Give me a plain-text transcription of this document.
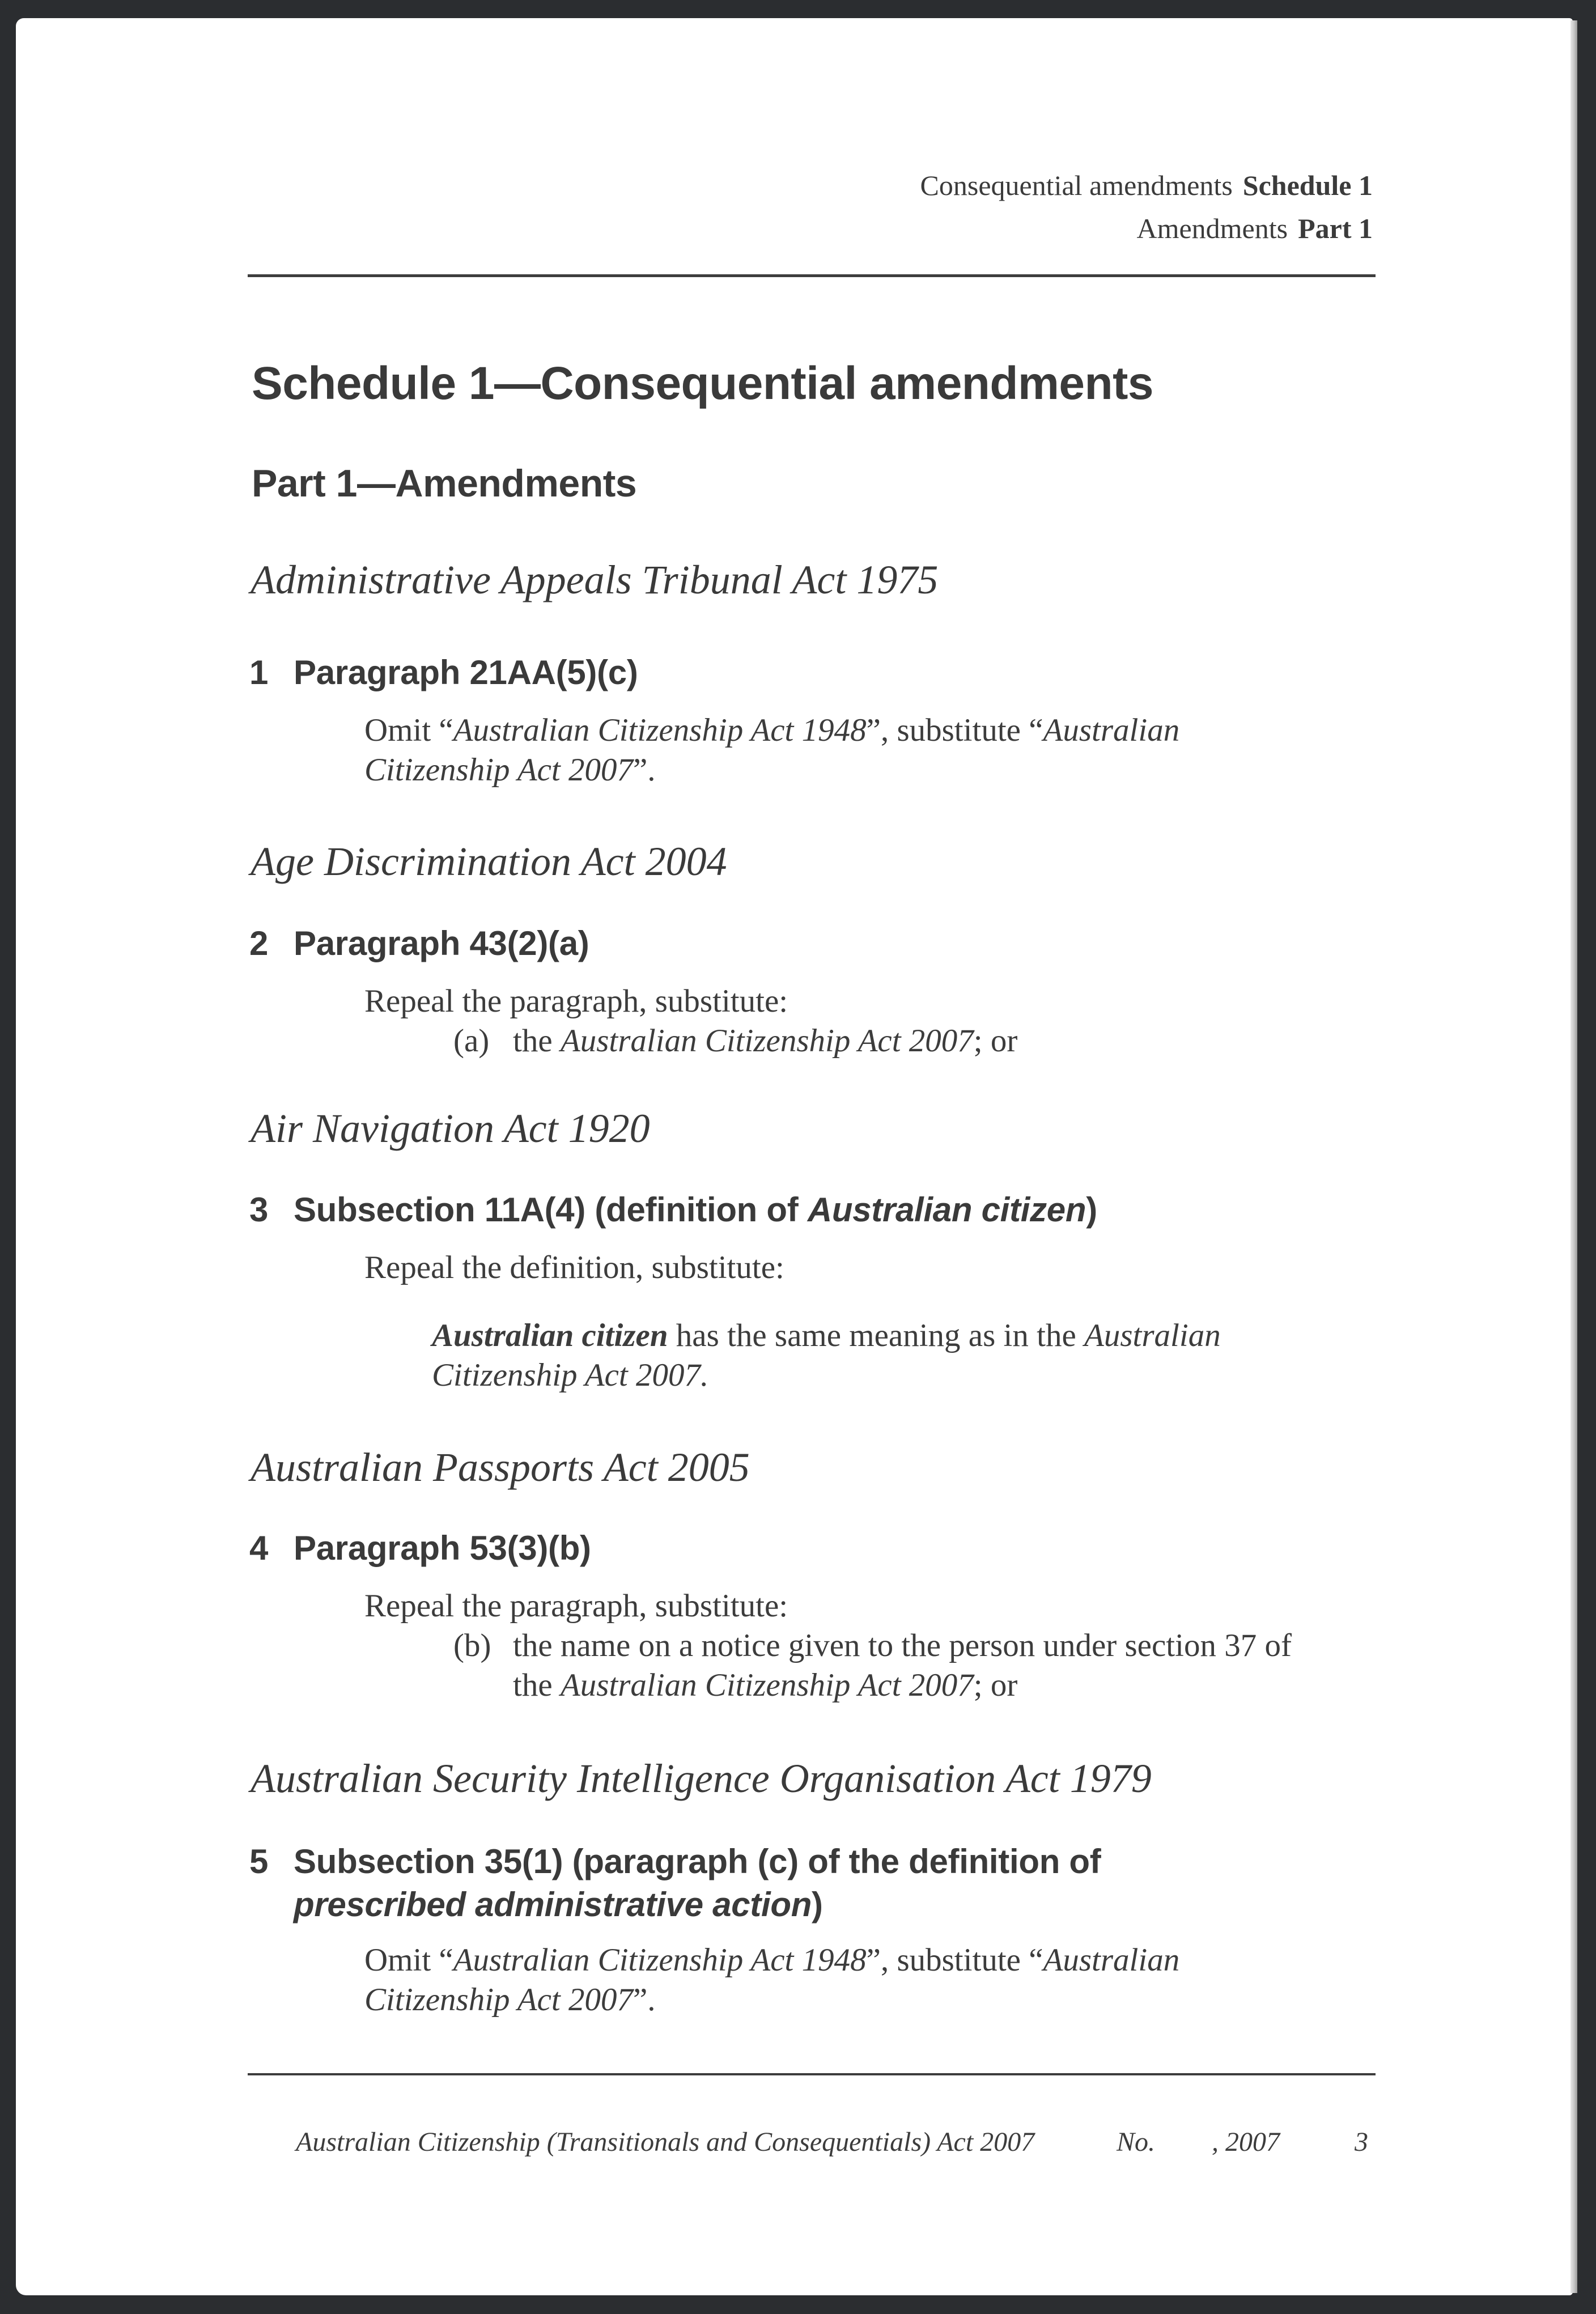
Consequential amendments Schedule 1
Amendments Part 1
Schedule 1—Consequential amendments
Part 1—Amendments
Administrative Appeals Tribunal Act 1975
1 Paragraph 21AA(5)(c)
Omit “Australian Citizenship Act 1948”, substitute “Australian
Citizenship Act 2007”.
Age Discrimination Act 2004
2 Paragraph 43(2)(a)
Repeal the paragraph, substitute:
(a) the Australian Citizenship Act 2007; or
Air Navigation Act 1920
3 Subsection 11A(4) (definition of Australian citizen)
Repeal the definition, substitute:
Australian citizen has the same meaning as in the Australian
Citizenship Act 2007.
Australian Passports Act 2005
4 Paragraph 53(3)(b)
Repeal the paragraph, substitute:
(b) the name on a notice given to the person under section 37 of
the Australian Citizenship Act 2007; or
Australian Security Intelligence Organisation Act 1979
5 Subsection 35(1) (paragraph (c) of the definition of
prescribed administrative action)
Omit “Australian Citizenship Act 1948”, substitute “Australian
Citizenship Act 2007”.
Australian Citizenship (Transitionals and Consequentials) Act 2007	No. , 2007	3
